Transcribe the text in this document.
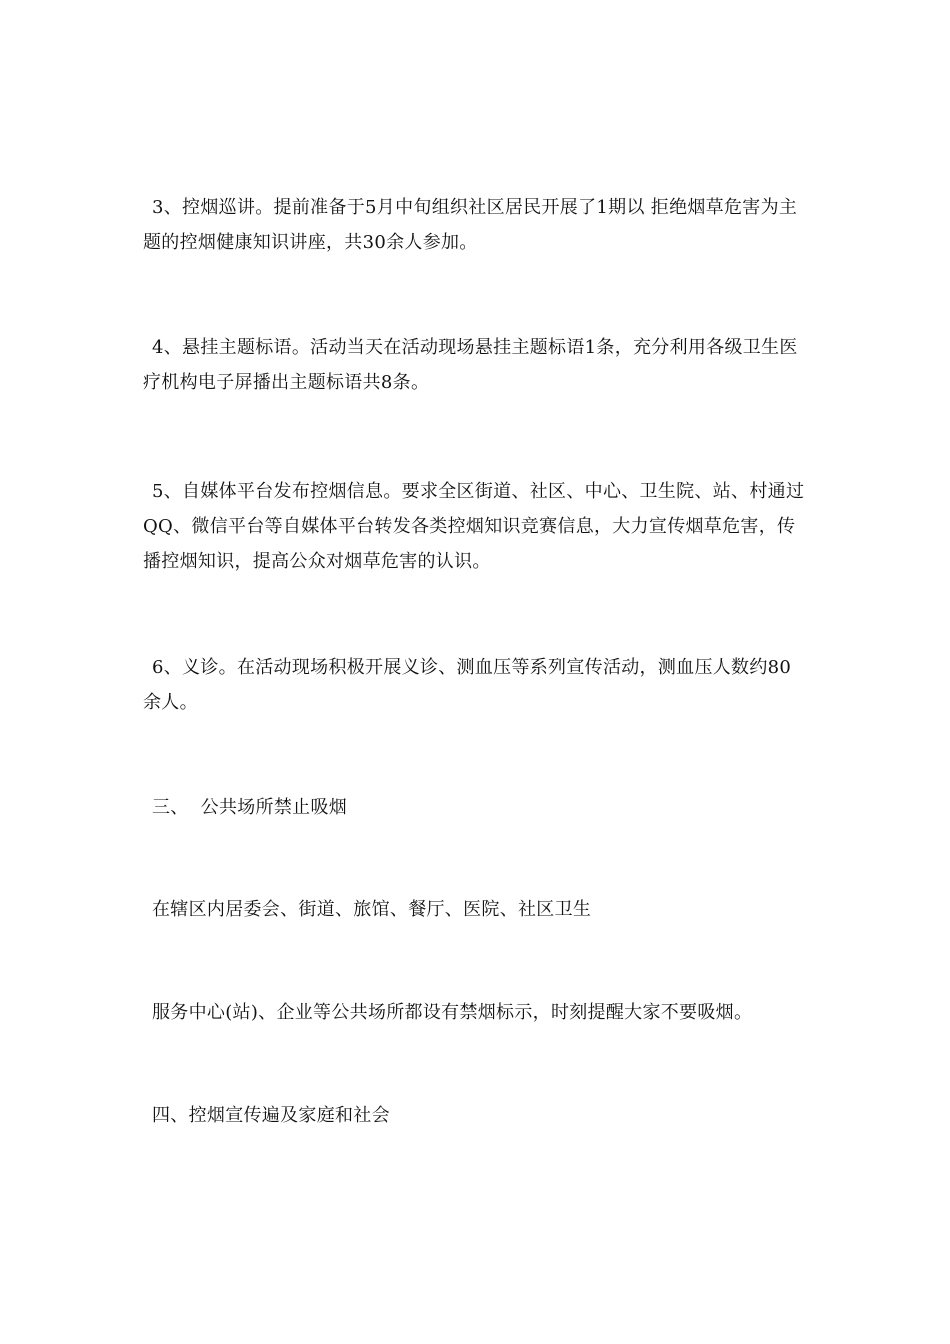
3、控烟巡讲。提前准备于5月中旬组织社区居民开展了1期以 拒绝烟草危害为主题的控烟健康知识讲座，共30余人参加。

4、悬挂主题标语。活动当天在活动现场悬挂主题标语1条，充分利用各级卫生医疗机构电子屏播出主题标语共8条。

5、自媒体平台发布控烟信息。要求全区街道、社区、中心、卫生院、站、村通过QQ、微信平台等自媒体平台转发各类控烟知识竞赛信息，大力宣传烟草危害，传播控烟知识，提高公众对烟草危害的认识。

6、义诊。在活动现场积极开展义诊、测血压等系列宣传活动，测血压人数约80余人。

三、  公共场所禁止吸烟

在辖区内居委会、街道、旅馆、餐厅、医院、社区卫生

服务中心(站)、企业等公共场所都设有禁烟标示，时刻提醒大家不要吸烟。

四、控烟宣传遍及家庭和社会
